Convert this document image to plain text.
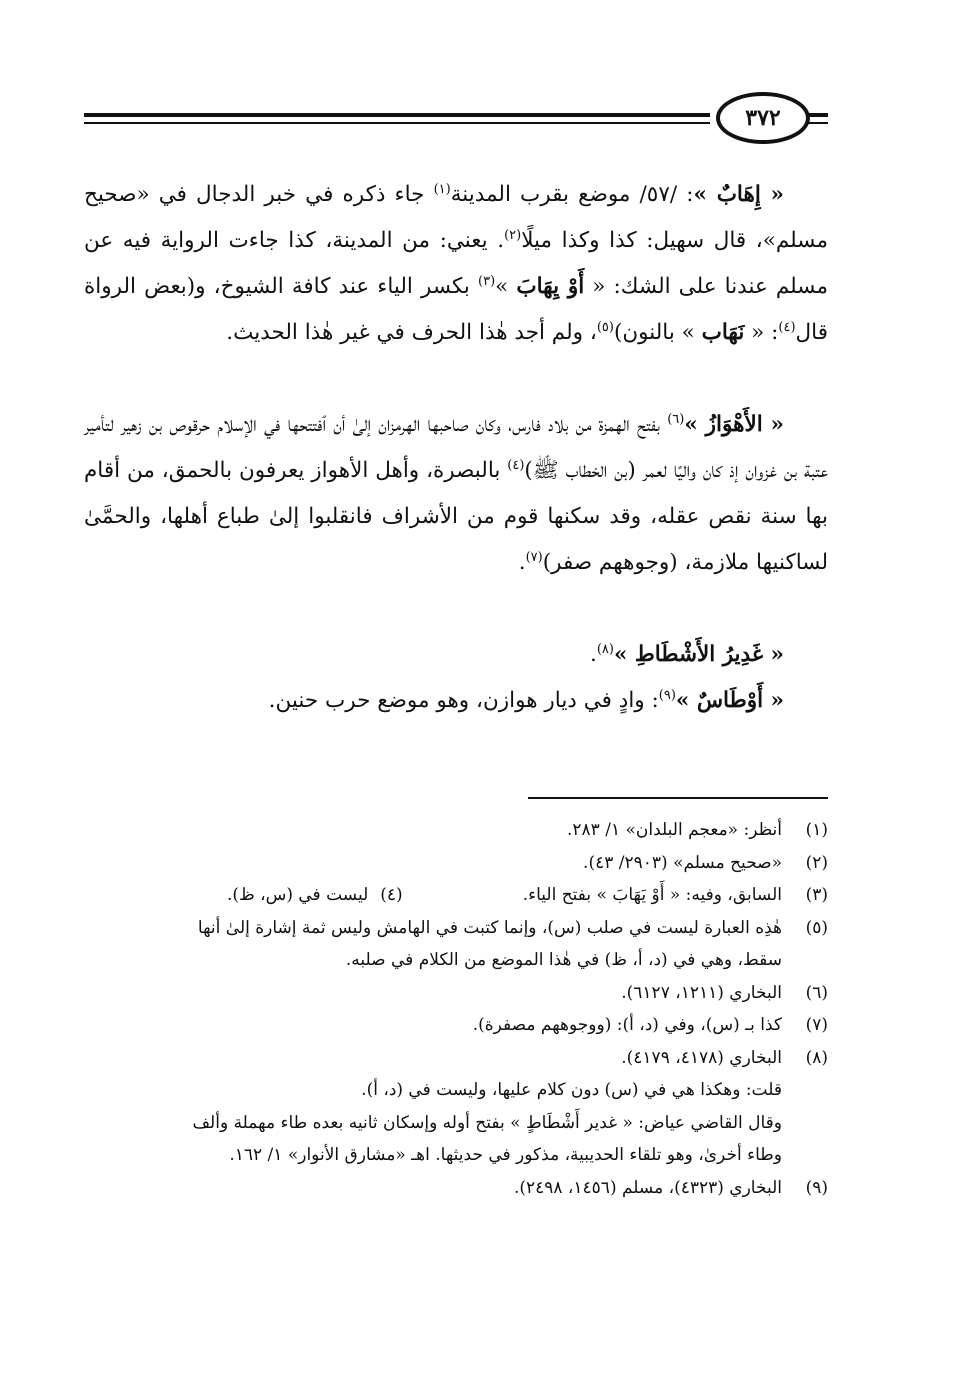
٣٧٢

« إِهَابٌ »: /٥٧/ موضع بقرب المدينة$^{(١)}$ جاء ذكره في خبر الدجال في «صحيح مسلم»، قال سهيل: كذا وكذا ميلًا$^{(٢)}$. يعني: من المدينة، كذا جاءت الرواية فيه عن مسلم عندنا على الشك: « أَوْ يِهَابَ »$^{(٣)}$ بكسر الياء عند كافة الشيوخ، و(بعض الرواة قال$^{(٤)}$: « نَهَاب » بالنون)$^{(٥)}$، ولم أجد هٰذا الحرف في غير هٰذا الحديث.

« الأَهْوَازُ »$^{(٦)}$ بفتح الهمزة من بلاد فارس، وكان صاحبها الهرمزان إلىٰ أن ٱفتتحها في الإسلام حرقوص بن زهير لتأمير عتبة بن غزوان إذ كان واليًا لعمر (بن الخطاب ﷺ)$^{(٤)}$ بالبصرة، وأهل الأهواز يعرفون بالحمق، من أقام بها سنة نقص عقله، وقد سكنها قوم من الأشراف فانقلبوا إلىٰ طباع أهلها، والحمَّىٰ لساكنيها ملازمة، (وجوههم صفر)$^{(٧)}$.

« غَدِيرُ الأَشْطَاطِ »$^{(٨)}$.

« أَوْطَاسٌ »$^{(٩)}$: وادٍ في ديار هوازن، وهو موضع حرب حنين.

(١)
أنظر: «معجم البلدان» ١/ ٢٨٣.
(٢)
«صحيح مسلم» (٢٩٠٣/ ٤٣).
(٣)
السابق، وفيه: « أَوْ يَهَابَ » بفتح الياء.
(٤)
ليست في (س، ظ).
(٥)
هٰذِه العبارة ليست في صلب (س)، وإنما كتبت في الهامش وليس ثمة إشارة إلىٰ أنها
سقط، وهي في (د، أ، ظ) في هٰذا الموضع من الكلام في صلبه.
(٦)
البخاري (١٢١١، ٦١٢٧).
(٧)
كذا بـ (س)، وفي (د، أ): (ووجوههم مصفرة).
(٨)
البخاري (٤١٧٨، ٤١٧٩).
قلت: وهكذا هي في (س) دون كلام عليها، وليست في (د، أ).
وقال القاضي عياض: « غدير أَشْطَاطٍ » بفتح أوله وإسكان ثانيه بعده طاء مهملة وألف
وطاء أخرىٰ، وهو تلقاء الحديبية، مذكور في حديثها. اهـ «مشارق الأنوار» ١/ ١٦٢.
(٩)
البخاري (٤٣٢٣)، مسلم (١٤٥٦، ٢٤٩٨).
